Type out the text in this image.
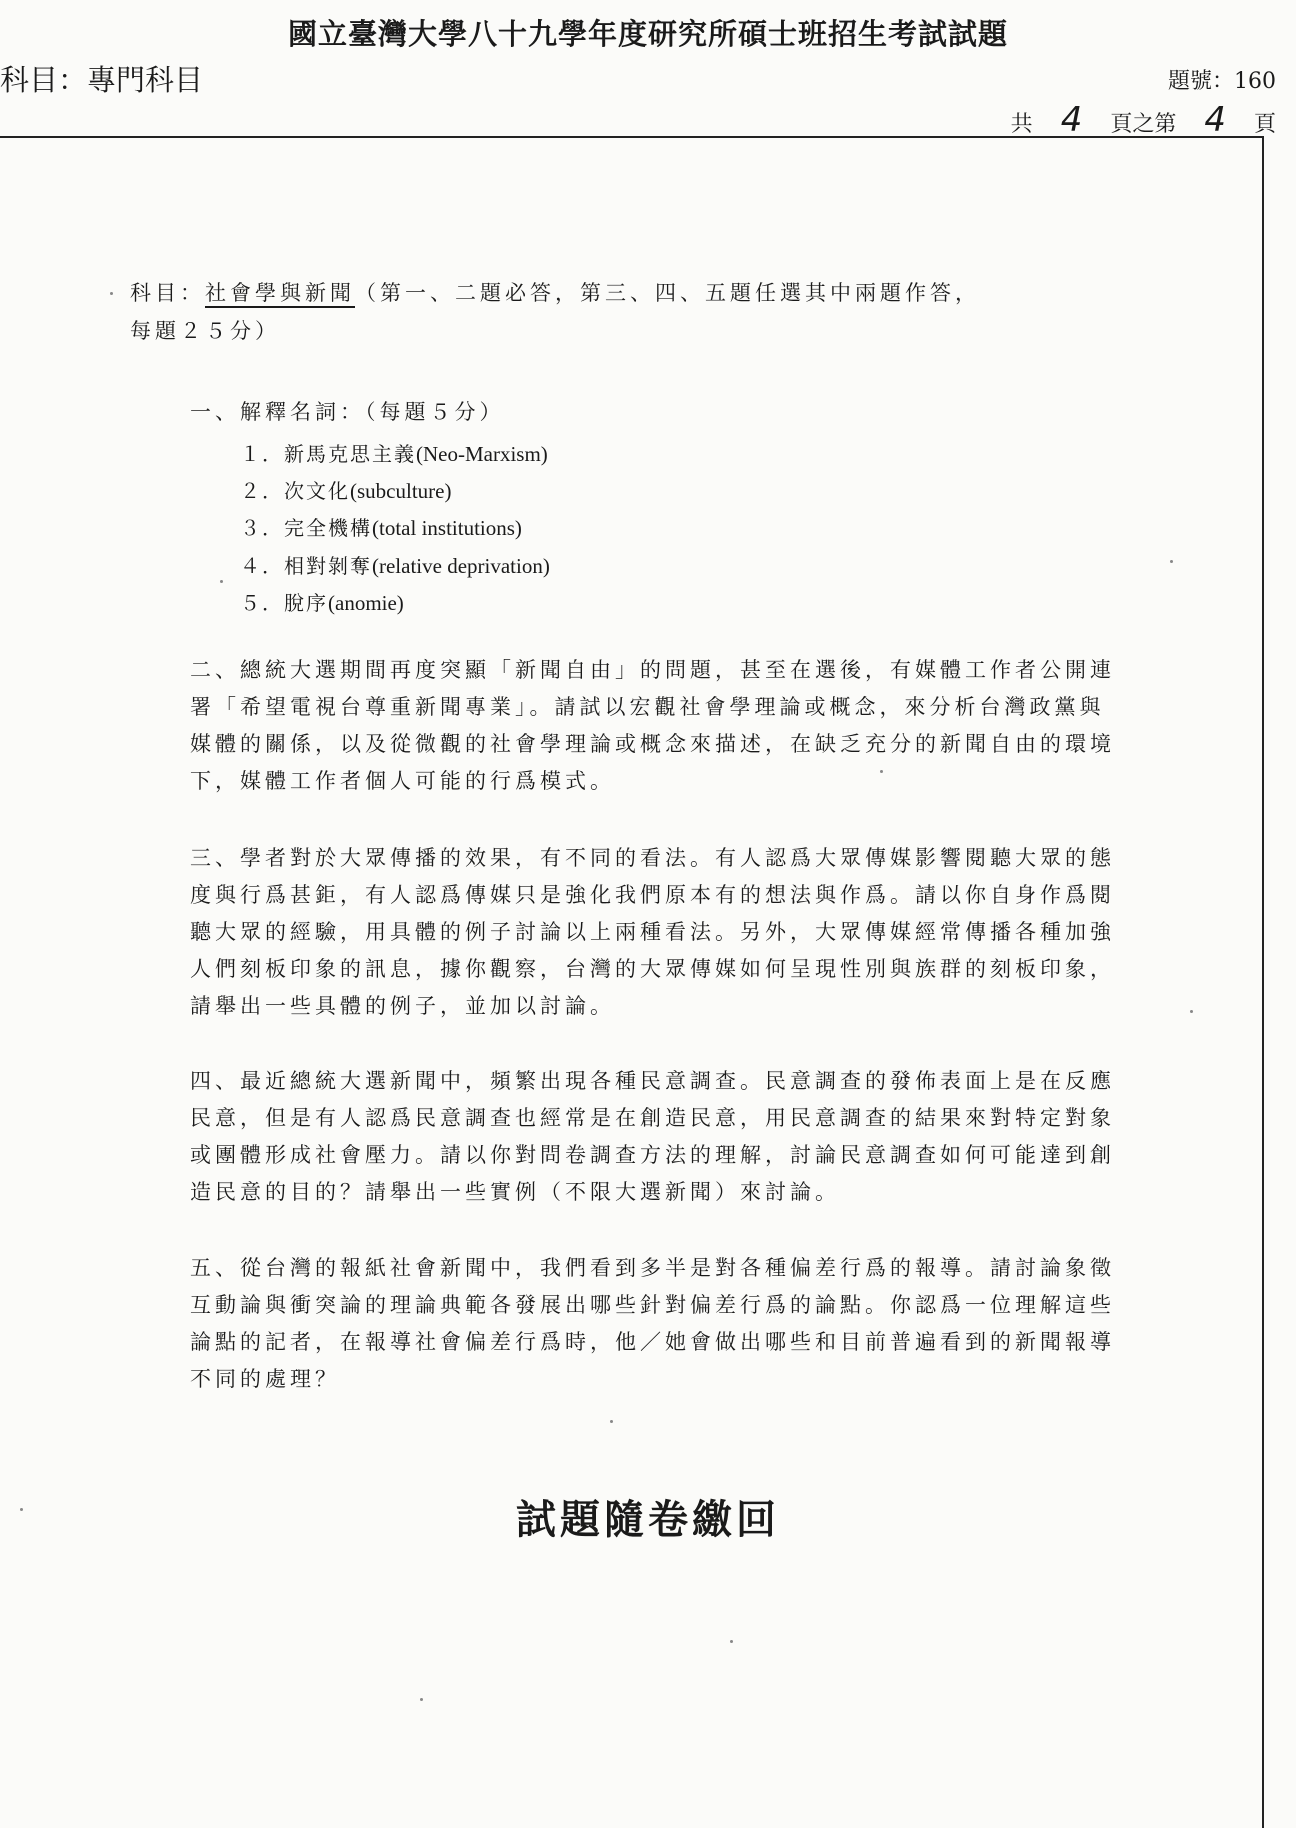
國立臺灣大學八十九學年度研究所碩士班招生考試試題
科目：專門科目	題號：160
共 4 頁之第 4 頁
科目：社會學與新聞（第一、二題必答，第三、四、五題任選其中兩題作答，
每題２５分）
一、解釋名詞：（每題５分）
１．新馬克思主義(Neo-Marxism)
２．次文化(subculture)
３．完全機構(total institutions)
４．相對剝奪(relative deprivation)
５．脫序(anomie)
二、總統大選期間再度突顯「新聞自由」的問題，甚至在選後，有媒體工作者公開連
署「希望電視台尊重新聞專業」。請試以宏觀社會學理論或概念，來分析台灣政黨與
媒體的關係，以及從微觀的社會學理論或概念來描述，在缺乏充分的新聞自由的環境
下，媒體工作者個人可能的行爲模式。
三、學者對於大眾傳播的效果，有不同的看法。有人認爲大眾傳媒影響閱聽大眾的態
度與行爲甚鉅，有人認爲傳媒只是強化我們原本有的想法與作爲。請以你自身作爲閱
聽大眾的經驗，用具體的例子討論以上兩種看法。另外，大眾傳媒經常傳播各種加強
人們刻板印象的訊息，據你觀察，台灣的大眾傳媒如何呈現性別與族群的刻板印象，
請舉出一些具體的例子，並加以討論。
四、最近總統大選新聞中，頻繁出現各種民意調查。民意調查的發佈表面上是在反應
民意，但是有人認爲民意調查也經常是在創造民意，用民意調查的結果來對特定對象
或團體形成社會壓力。請以你對問卷調查方法的理解，討論民意調查如何可能達到創
造民意的目的？請舉出一些實例（不限大選新聞）來討論。
五、從台灣的報紙社會新聞中，我們看到多半是對各種偏差行爲的報導。請討論象徵
互動論與衝突論的理論典範各發展出哪些針對偏差行爲的論點。你認爲一位理解這些
論點的記者，在報導社會偏差行爲時，他／她會做出哪些和目前普遍看到的新聞報導
不同的處理？
試題隨卷繳回
